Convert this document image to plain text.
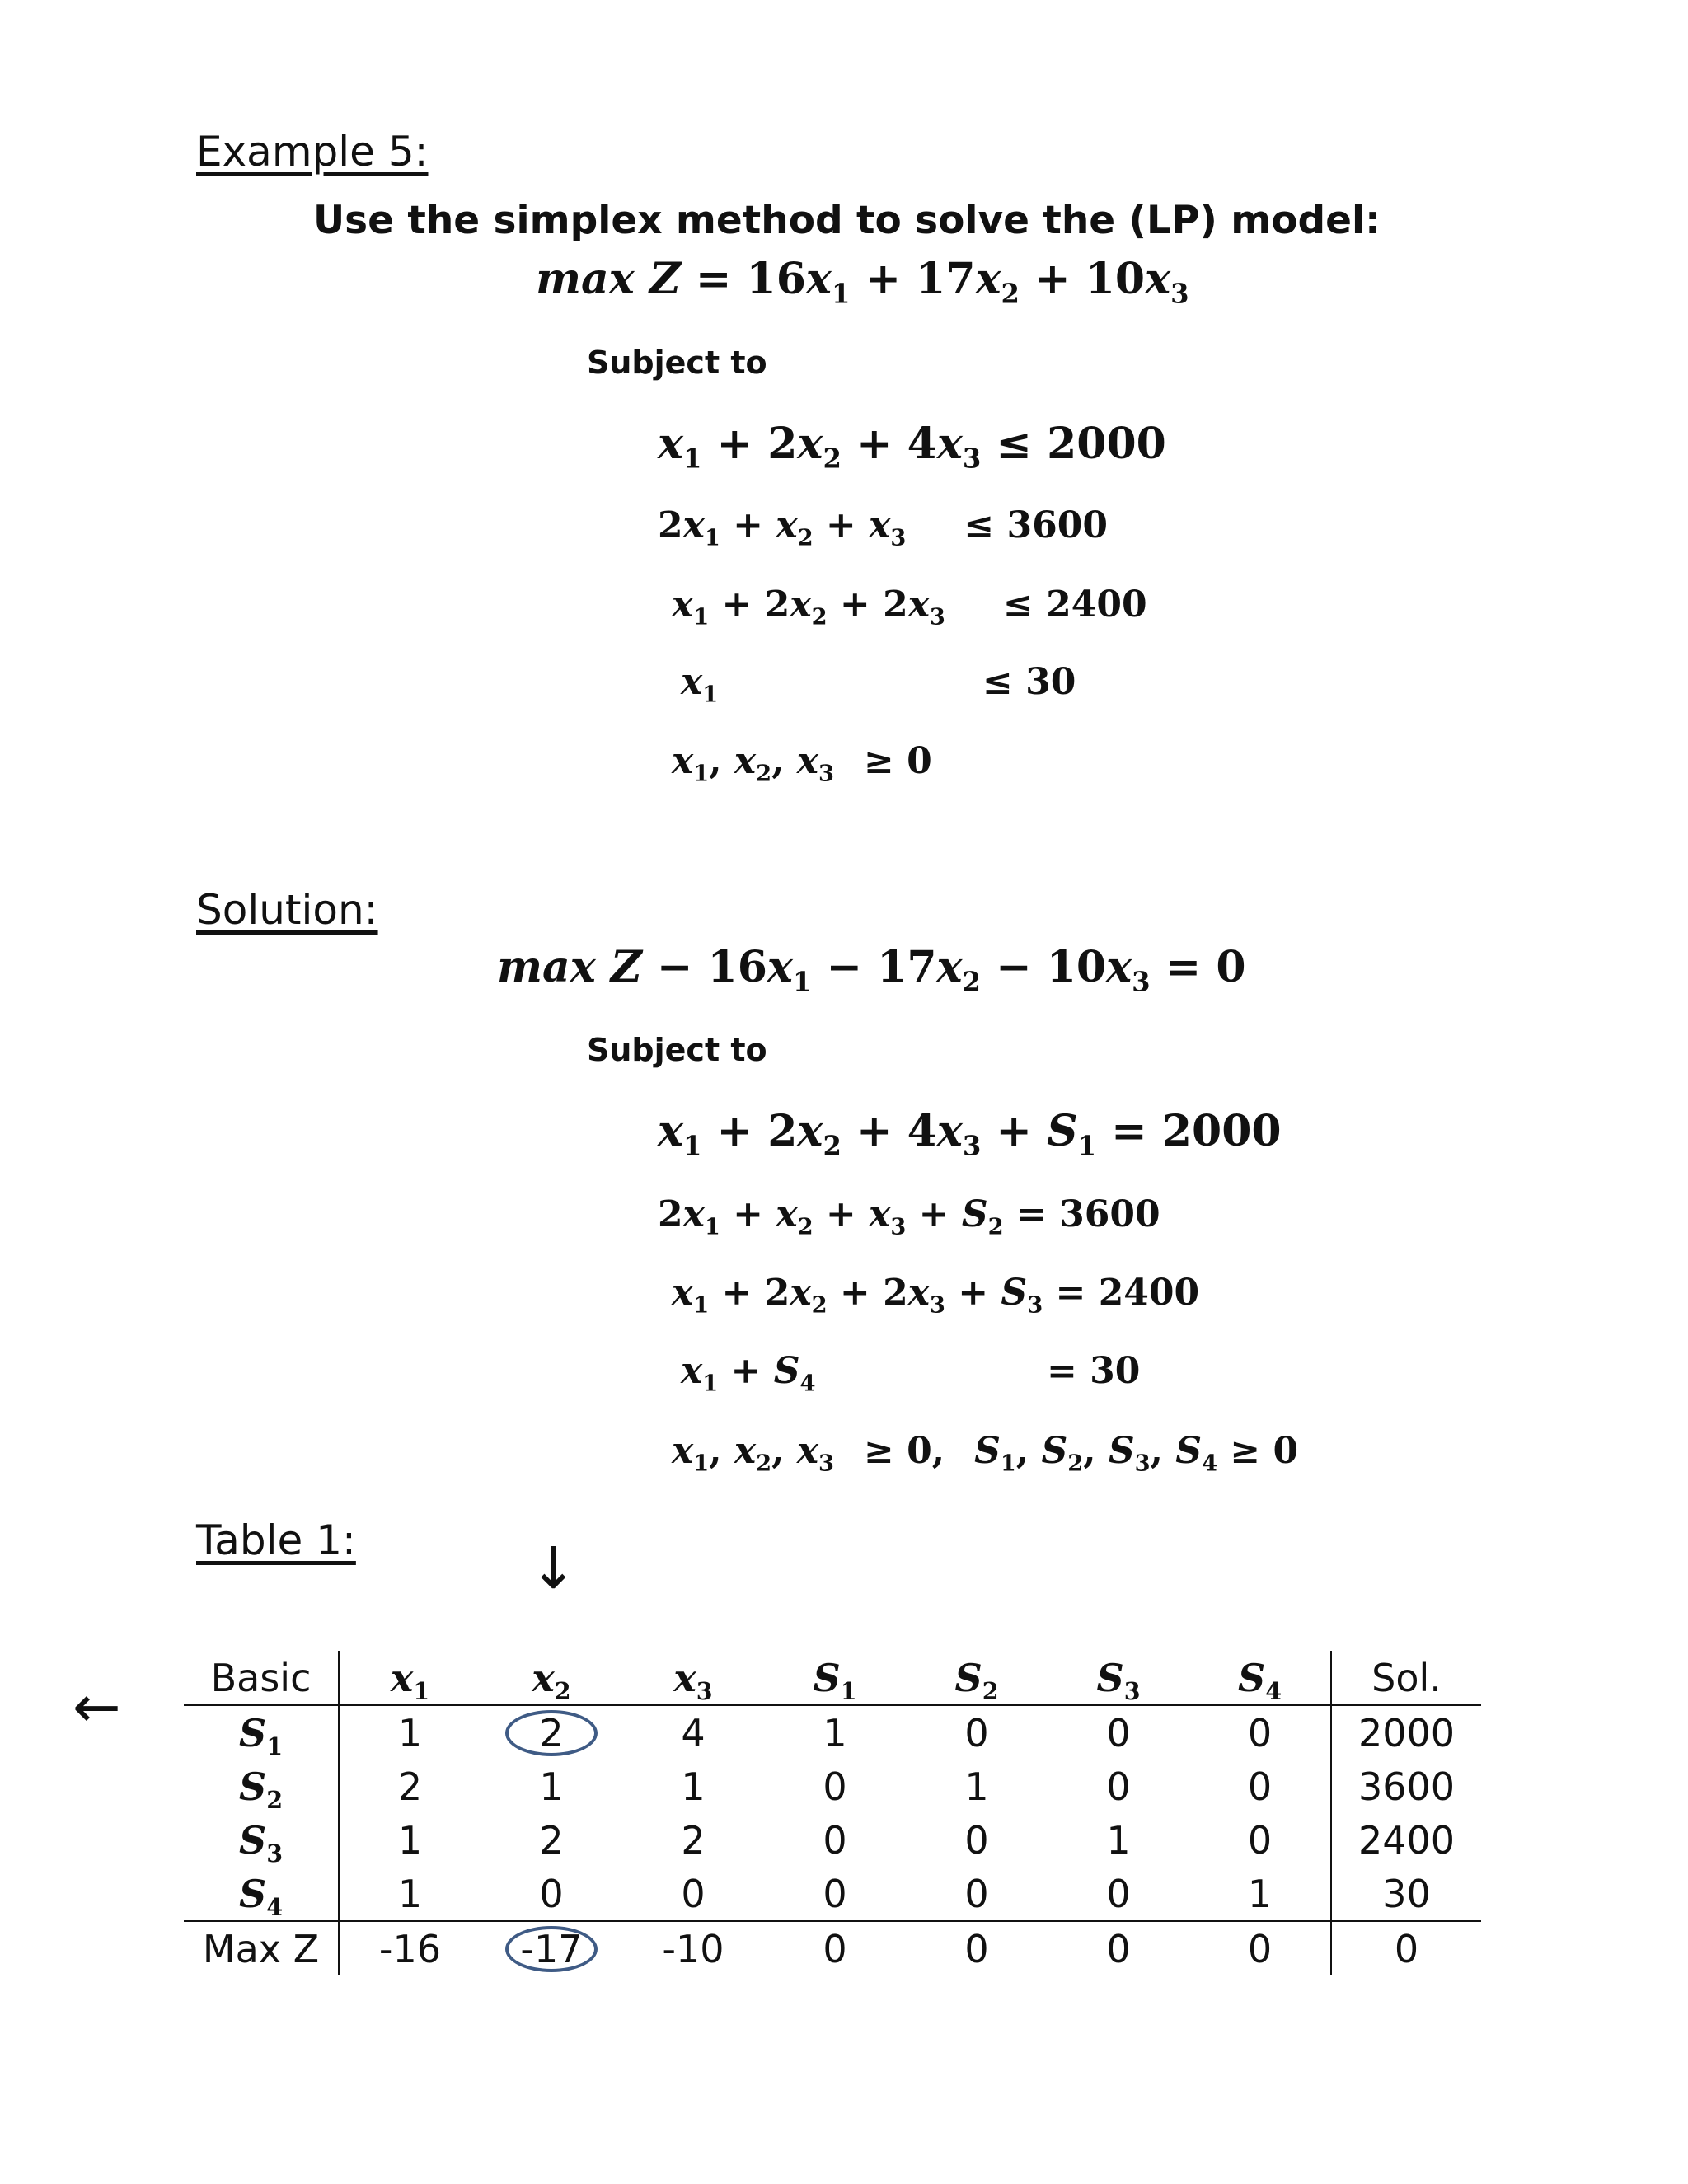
Example 5:
Use the simplex method to solve the (LP) model:
$\max Z = 16x_1 + 17x_2 + 10x_3$
Subject to
$x_1 + 2x_2 + 4x_3 \le 2000$
$2x_1 + x_2 + x_3 \le 3600$
$x_1 + 2x_2 + 2x_3 \le 2400$
$x_1$	≤ 30
$x_1$, $x_2$, $x_3 \ge 0$
Solution:
$\max Z - 16x_1 - 17x_2 - 10x_3 = 0$
Subject to
$x_1 + 2x_2 + 4x_3 + S_1 = 2000$
$2x_1 + x_2 + x_3 + S_2 = 3600$
$x_1 + 2x_2 + 2x_3 + S_3 = 2400$
$x_1 + S_4$	= 30
$x_1$, $x_2$, $x_3 \ge 0$, $S_1$, $S_2$, $S_3$, $S_4 \ge 0$
Table 1:	↓
← Basic	$x_1$	$x_2$	$x_3$	$S_1$	$S_2$	$S_3$	$S_4$	Sol.
$S_1$	1	2	4	1	0	0	0	2000
$S_2$	2	1	1	0	1	0	0	3600
$S_3$	1	2	2	0	0	1	0	2400
$S_4$	1	0	0	0	0	0	1	30
Max Z	-16	-17	-10	0	0	0	0	0
